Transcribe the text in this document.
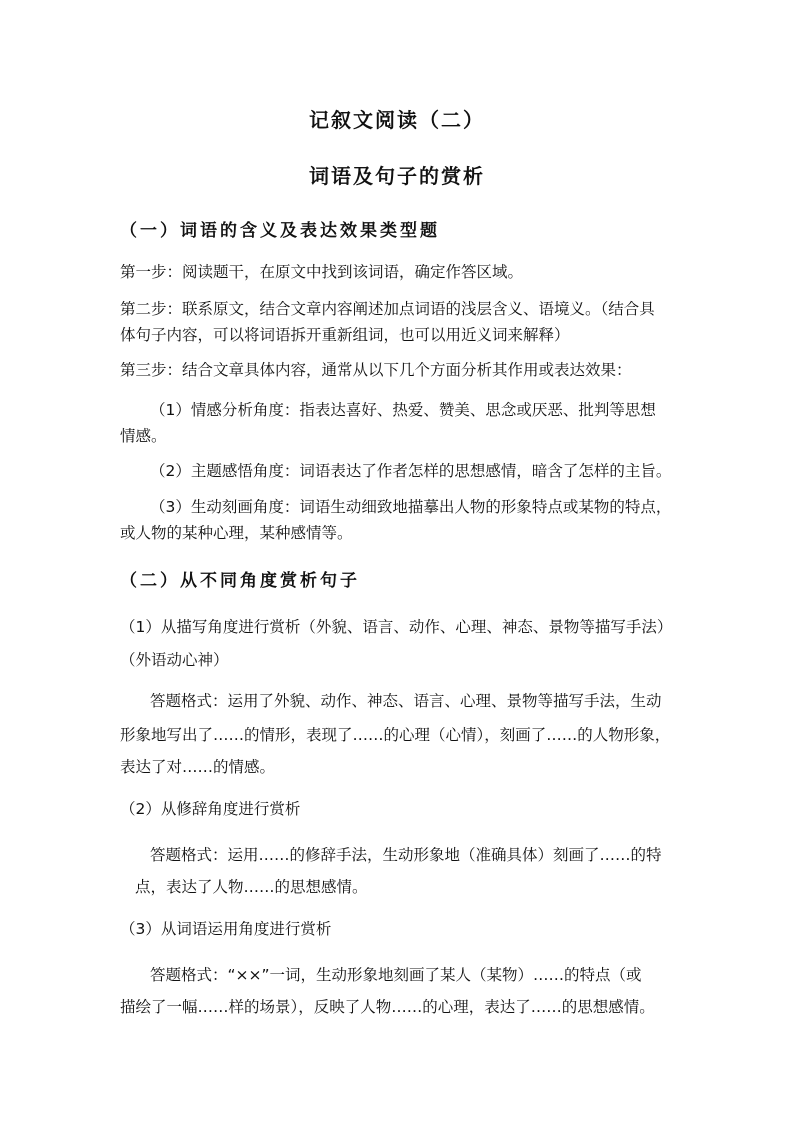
记叙文阅读（二）
词语及句子的赏析
（一）词语的含义及表达效果类型题

第一步：阅读题干，在原文中找到该词语，确定作答区域。

第二步：联系原文，结合文章内容阐述加点词语的浅层含义、语境义。（结合具

体句子内容，可以将词语拆开重新组词，也可以用近义词来解释）

第三步：结合文章具体内容，通常从以下几个方面分析其作用或表达效果：

（1）情感分析角度：指表达喜好、热爱、赞美、思念或厌恶、批判等思想

情感。

（2）主题感悟角度：词语表达了作者怎样的思想感情，暗含了怎样的主旨。

（3）生动刻画角度：词语生动细致地描摹出人物的形象特点或某物的特点，

或人物的某种心理，某种感情等。

（二）从不同角度赏析句子

（1）从描写角度进行赏析（外貌、语言、动作、心理、神态、景物等描写手法）

（外语动心神）

答题格式：运用了外貌、动作、神态、语言、心理、景物等描写手法，生动

形象地写出了……的情形，表现了……的心理（心情），刻画了……的人物形象，

表达了对……的情感。

（2）从修辞角度进行赏析

答题格式：运用……的修辞手法，生动形象地（准确具体）刻画了……的特

点，表达了人物……的思想感情。

（3）从词语运用角度进行赏析

答题格式：“××”一词，生动形象地刻画了某人（某物）……的特点（或

描绘了一幅……样的场景），反映了人物……的心理，表达了……的思想感情。
